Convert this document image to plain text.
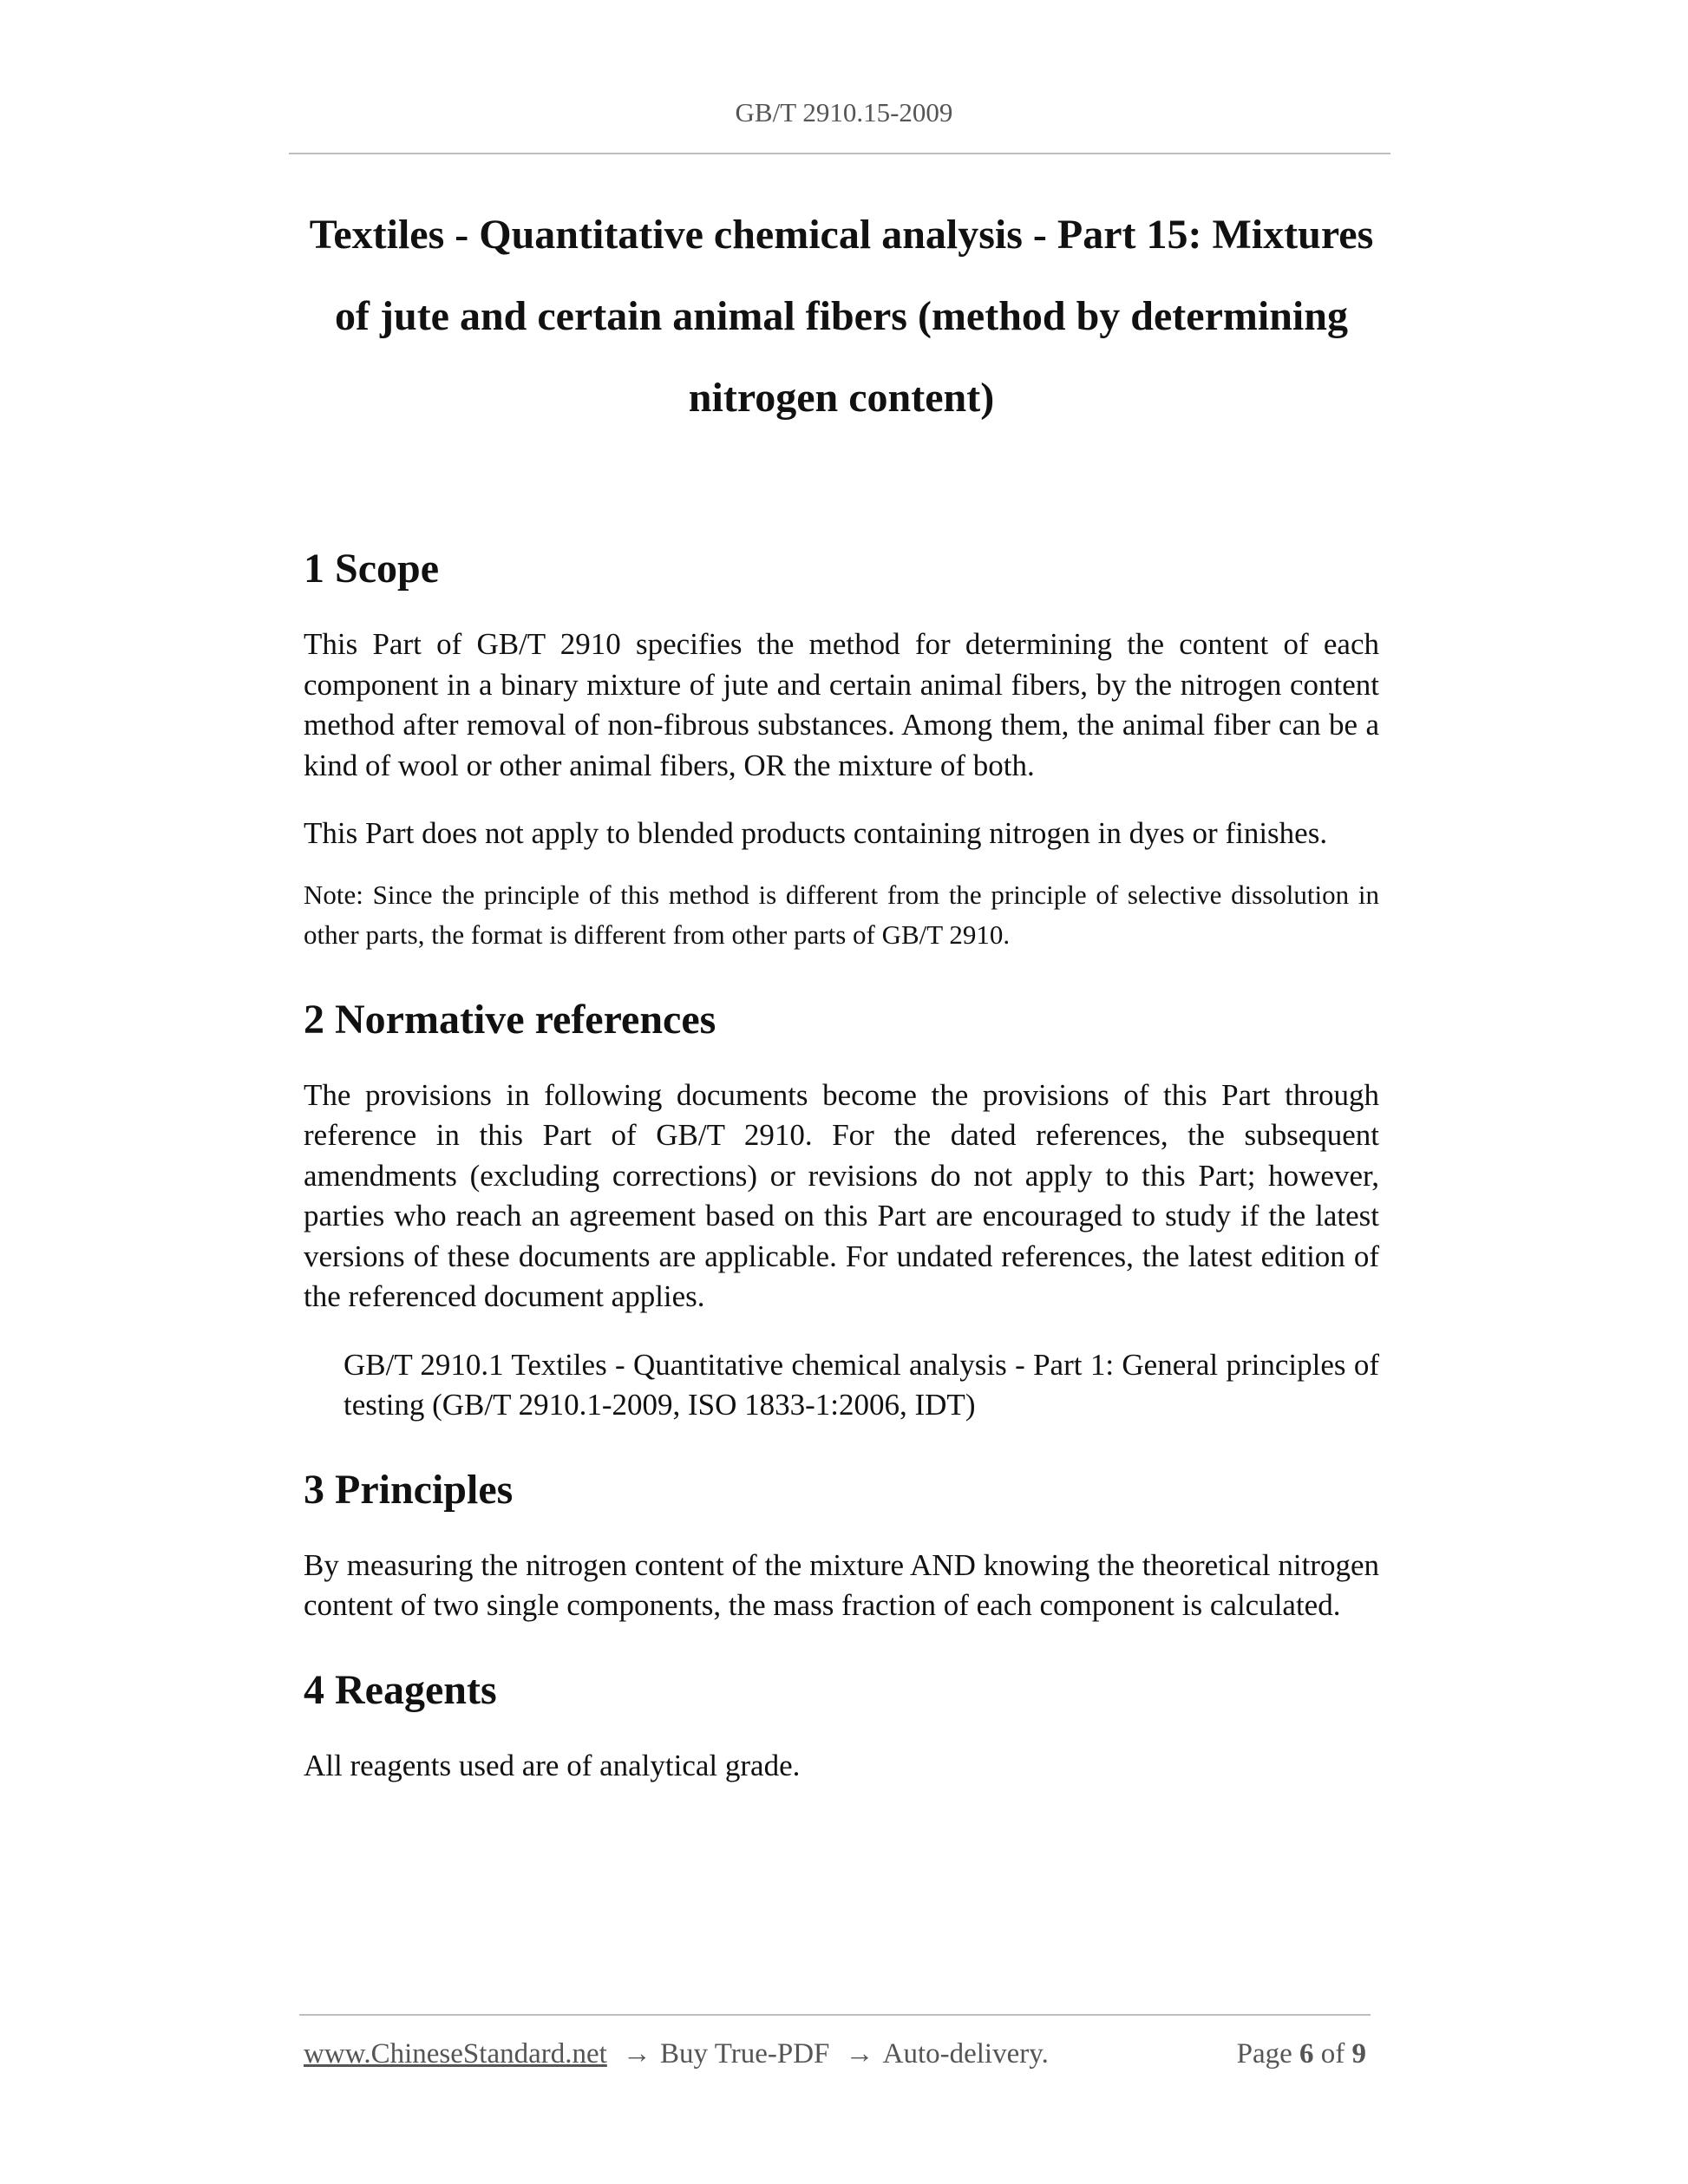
GB/T 2910.15-2009
Textiles - Quantitative chemical analysis - Part 15: Mixtures
of jute and certain animal fibers (method by determining
nitrogen content)
1 Scope

This Part of GB/T 2910 specifies the method for determining the content of each component in a binary mixture of jute and certain animal fibers, by the nitrogen content method after removal of non-fibrous substances. Among them, the animal fiber can be a kind of wool or other animal fibers, OR the mixture of both.

This Part does not apply to blended products containing nitrogen in dyes or finishes.

Note: Since the principle of this method is different from the principle of selective dissolution in other parts, the format is different from other parts of GB/T 2910.

2 Normative references

The provisions in following documents become the provisions of this Part through reference in this Part of GB/T 2910. For the dated references, the subsequent amendments (excluding corrections) or revisions do not apply to this Part; however, parties who reach an agreement based on this Part are encouraged to study if the latest versions of these documents are applicable. For undated references, the latest edition of the referenced document applies.

GB/T 2910.1 Textiles - Quantitative chemical analysis - Part 1: General principles of testing (GB/T 2910.1-2009, ISO 1833-1:2006, IDT)

3 Principles

By measuring the nitrogen content of the mixture AND knowing the theoretical nitrogen content of two single components, the mass fraction of each component is calculated.

4 Reagents

All reagents used are of analytical grade.

www.ChineseStandard.net → Buy True-PDF → Auto-delivery.	Page 6 of 9
